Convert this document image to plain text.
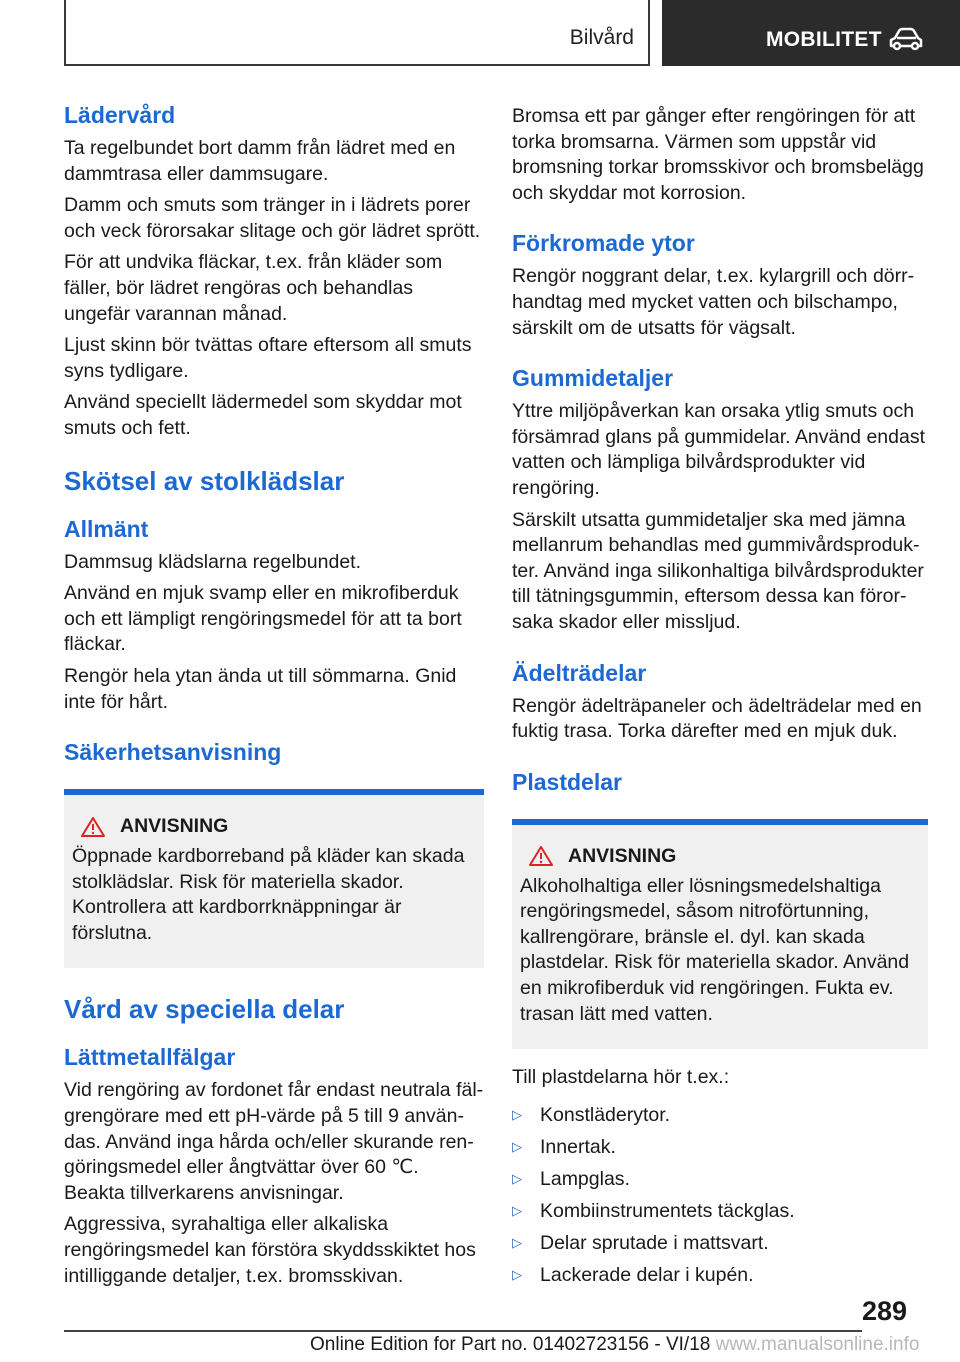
Bilvård	MOBILITET
Lädervård
Ta regelbundet bort damm från lädret med en dammtrasa eller dammsugare.
Damm och smuts som tränger in i lädrets porer och veck förorsakar slitage och gör lädret sprött.
För att undvika fläckar, t.ex. från kläder som fäller, bör lädret rengöras och behandlas ungefär varannan månad.
Ljust skinn bör tvättas oftare eftersom all smuts syns tydligare.
Använd speciellt lädermedel som skyddar mot smuts och fett.
Skötsel av stolklädslar
Allmänt
Dammsug klädslarna regelbundet.
Använd en mjuk svamp eller en mikrofiberduk och ett lämpligt rengöringsmedel för att ta bort fläckar.
Rengör hela ytan ända ut till sömmarna. Gnid inte för hårt.
Säkerhetsanvisning
ANVISNING
Öppnade kardborreband på kläder kan skada stolklädslar. Risk för materiella skador. Kontrollera att kardborrknäppningar är förslutna.
Vård av speciella delar
Lättmetallfälgar
Vid rengöring av fordonet får endast neutrala fälgrengörare med ett pH-värde på 5 till 9 användas. Använd inga hårda och/eller skurande rengöringsmedel eller ångtvättar över 60 ℃. Beakta tillverkarens anvisningar.
Aggressiva, syrahaltiga eller alkaliska rengöringsmedel kan förstöra skyddsskiktet hos intilliggande detaljer, t.ex. bromsskivan.
Bromsa ett par gånger efter rengöringen för att torka bromsarna. Värmen som uppstår vid bromsning torkar bromsskivor och bromsbelägg och skyddar mot korrosion.
Förkromade ytor
Rengör noggrant delar, t.ex. kylargrill och dörrhandtag med mycket vatten och bilschampo, särskilt om de utsatts för vägsalt.
Gummidetaljer
Yttre miljöpåverkan kan orsaka ytlig smuts och försämrad glans på gummidelar. Använd endast vatten och lämpliga bilvårdsprodukter vid rengöring.
Särskilt utsatta gummidetaljer ska med jämna mellanrum behandlas med gummivårdsprodukter. Använd inga silikonhaltiga bilvårdsprodukter till tätningsgummin, eftersom dessa kan förorsaka skador eller missljud.
Ädelträdelar
Rengör ädelträpaneler och ädelträdelar med en fuktig trasa. Torka därefter med en mjuk duk.
Plastdelar
ANVISNING
Alkoholhaltiga eller lösningsmedelshaltiga rengöringsmedel, såsom nitroförtunning, kallrengörare, bränsle el. dyl. kan skada plastdelar. Risk för materiella skador. Använd en mikrofiberduk vid rengöringen. Fukta ev. trasan lätt med vatten.
Till plastdelarna hör t.ex.:
▷ Konstläderytor.
▷ Innertak.
▷ Lampglas.
▷ Kombiinstrumentets täckglas.
▷ Delar sprutade i mattsvart.
▷ Lackerade delar i kupén.
289
Online Edition for Part no. 01402723156 - VI/18 www.manualsonline.info
